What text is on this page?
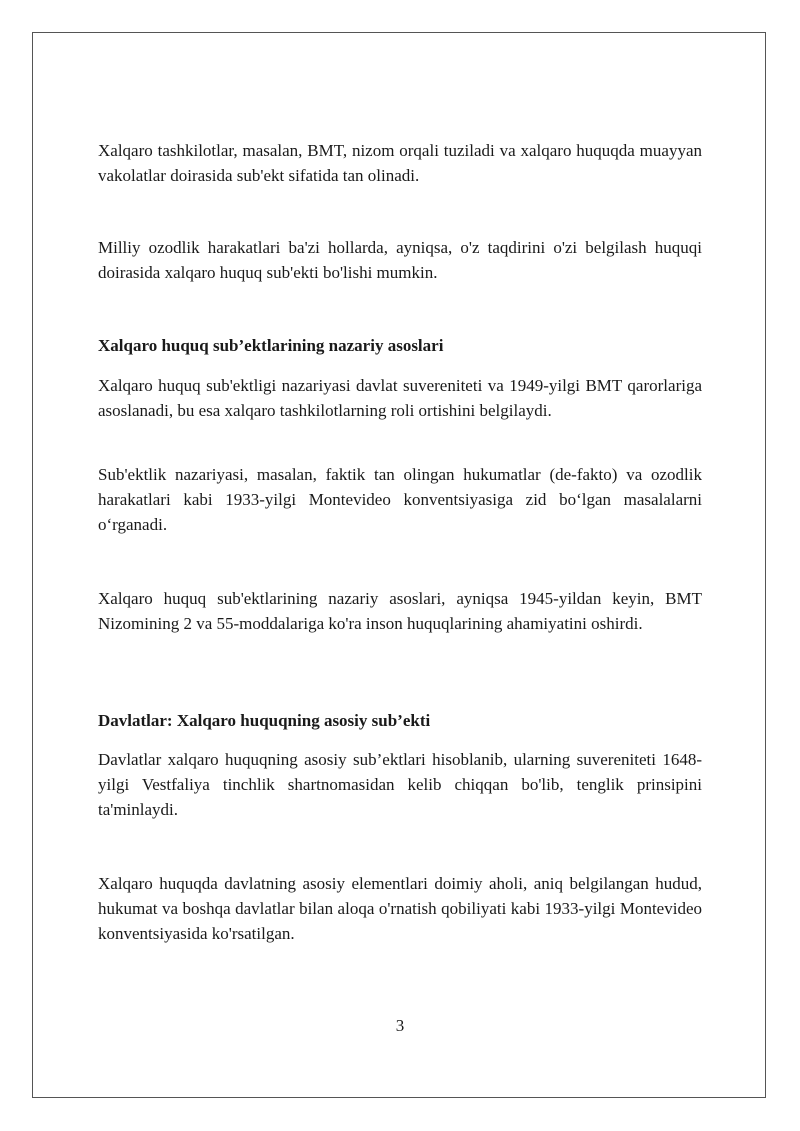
Xalqaro tashkilotlar, masalan, BMT, nizom orqali tuziladi va xalqaro huquqda muayyan vakolatlar doirasida sub'ekt sifatida tan olinadi.

Milliy ozodlik harakatlari ba'zi hollarda, ayniqsa, o'z taqdirini o'zi belgilash huquqi doirasida xalqaro huquq sub'ekti bo'lishi mumkin.

Xalqaro huquq sub’ektlarining nazariy asoslari

Xalqaro huquq sub'ektligi nazariyasi davlat suvereniteti va 1949-yilgi BMT qarorlariga asoslanadi, bu esa xalqaro tashkilotlarning roli ortishini belgilaydi.

Sub'ektlik nazariyasi, masalan, faktik tan olingan hukumatlar (de-fakto) va ozodlik harakatlari kabi 1933-yilgi Montevideo konventsiyasiga zid bo‘lgan masalalarni o‘rganadi.

Xalqaro huquq sub'ektlarining nazariy asoslari, ayniqsa 1945-yildan keyin, BMT Nizomining 2 va 55-moddalariga ko'ra inson huquqlarining ahamiyatini oshirdi.

Davlatlar: Xalqaro huquqning asosiy sub’ekti

Davlatlar xalqaro huquqning asosiy sub’ektlari hisoblanib, ularning suvereniteti 1648-yilgi Vestfaliya tinchlik shartnomasidan kelib chiqqan bo'lib, tenglik prinsipini ta'minlaydi.

Xalqaro huquqda davlatning asosiy elementlari doimiy aholi, aniq belgilangan hudud, hukumat va boshqa davlatlar bilan aloqa o'rnatish qobiliyati kabi 1933-yilgi Montevideo konventsiyasida ko'rsatilgan.

3
